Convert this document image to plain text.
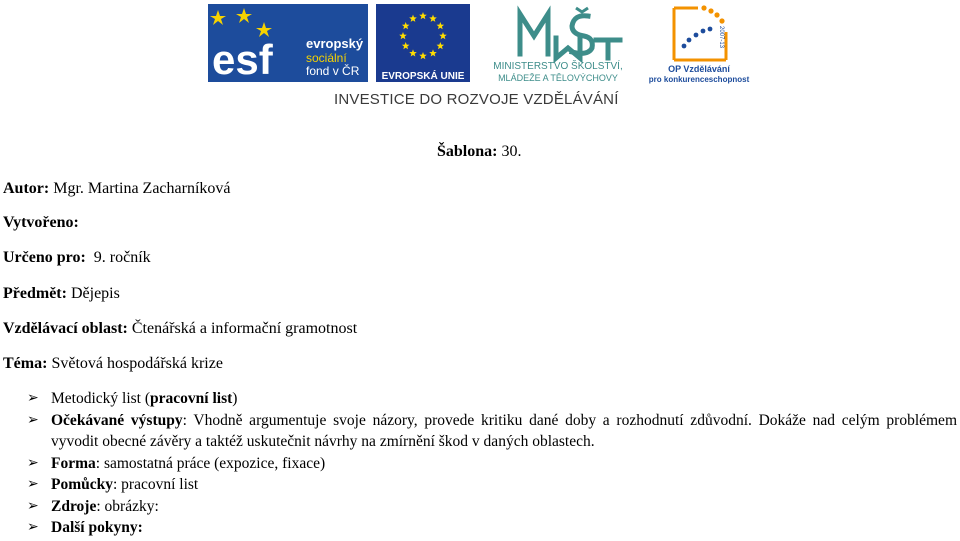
esf	evropský
sociální
fond v ČR EVROPSKÁ UNIE
MINISTERSTVO ŠKOLSTVÍ,
MLÁDEŽE A TĚLOVÝCHOVY
2007-13
OP Vzdělávání
pro konkurenceschopnost
INVESTICE DO ROZVOJE VZDĚLÁVÁNÍ
Šablona: 30.
Autor: Mgr. Martina Zacharníková
Vytvořeno:
Určeno pro: 9. ročník
Předmět: Dějepis
Vzdělávací oblast: Čtenářská a informační gramotnost
Téma: Světová hospodářská krize
➢ Metodický list (pracovní list)
➢ Očekávané výstupy: Vhodně argumentuje svoje názory, provede kritiku dané doby a rozhodnutí zdůvodní. Dokáže nad celým problémem vyvodit obecné závěry a taktéž uskutečnit návrhy na zmírnění škod v daných oblastech.
➢ Forma: samostatná práce (expozice, fixace)
➢ Pomůcky: pracovní list
➢ Zdroje: obrázky:
➢ Další pokyny:
